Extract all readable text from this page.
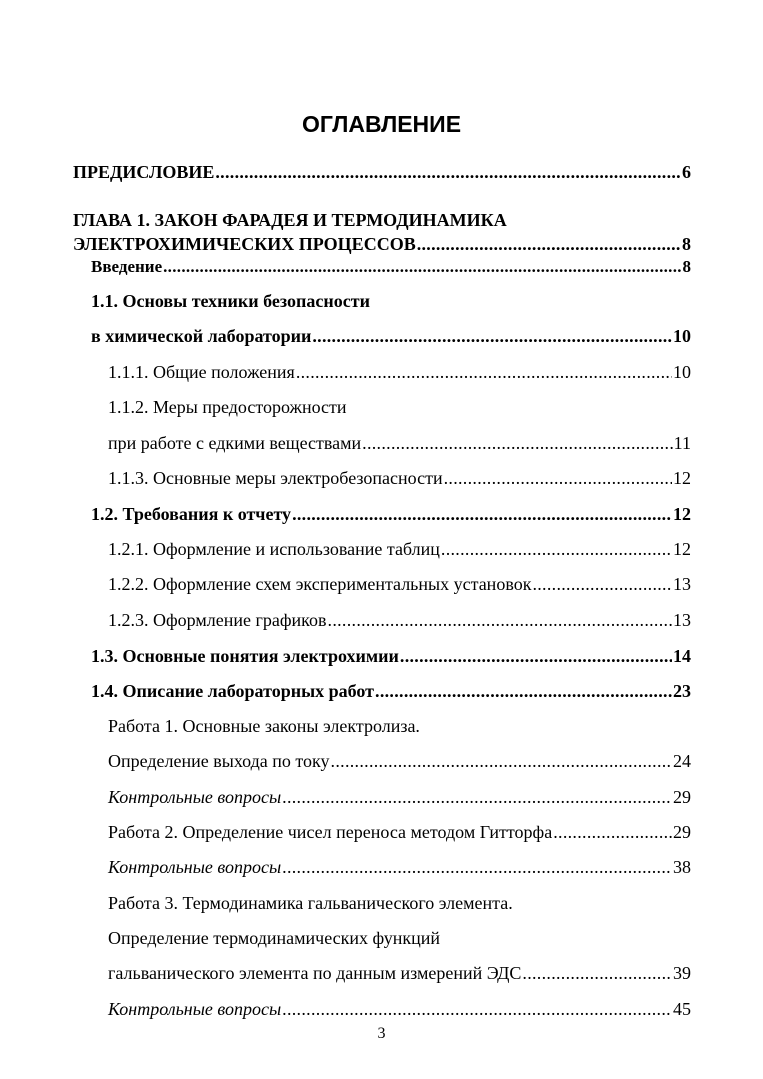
ОГЛАВЛЕНИЕ
ПРЕДИСЛОВИЕ .....	6
ГЛАВА 1. ЗАКОН ФАРАДЕЯ И ТЕРМОДИНАМИКА
ЭЛЕКТРОХИМИЧЕСКИХ ПРОЦЕССОВ .....	8
Введение .....	8
1.1. Основы техники безопасности
в химической лаборатории .....	10
1.1.1. Общие положения .....	10
1.1.2. Меры предосторожности
при работе с едкими веществами .....	11
1.1.3. Основные меры электробезопасности .....	12
1.2. Требования к отчету .....	12
1.2.1. Оформление и использование таблиц .....	12
1.2.2. Оформление схем экспериментальных установок .....	13
1.2.3. Оформление графиков .....	13
1.3. Основные понятия электрохимии .....	14
1.4. Описание лабораторных работ .....	23
Работа 1. Основные законы электролиза.
Определение выхода по току .....	24
Контрольные вопросы .....	29
Работа 2. Определение чисел переноса методом Гитторфа .....	29
Контрольные вопросы .....	38
Работа 3. Термодинамика гальванического элемента.
Определение термодинамических функций
гальванического элемента по данным измерений ЭДС .....	39
Контрольные вопросы .....	45
3
